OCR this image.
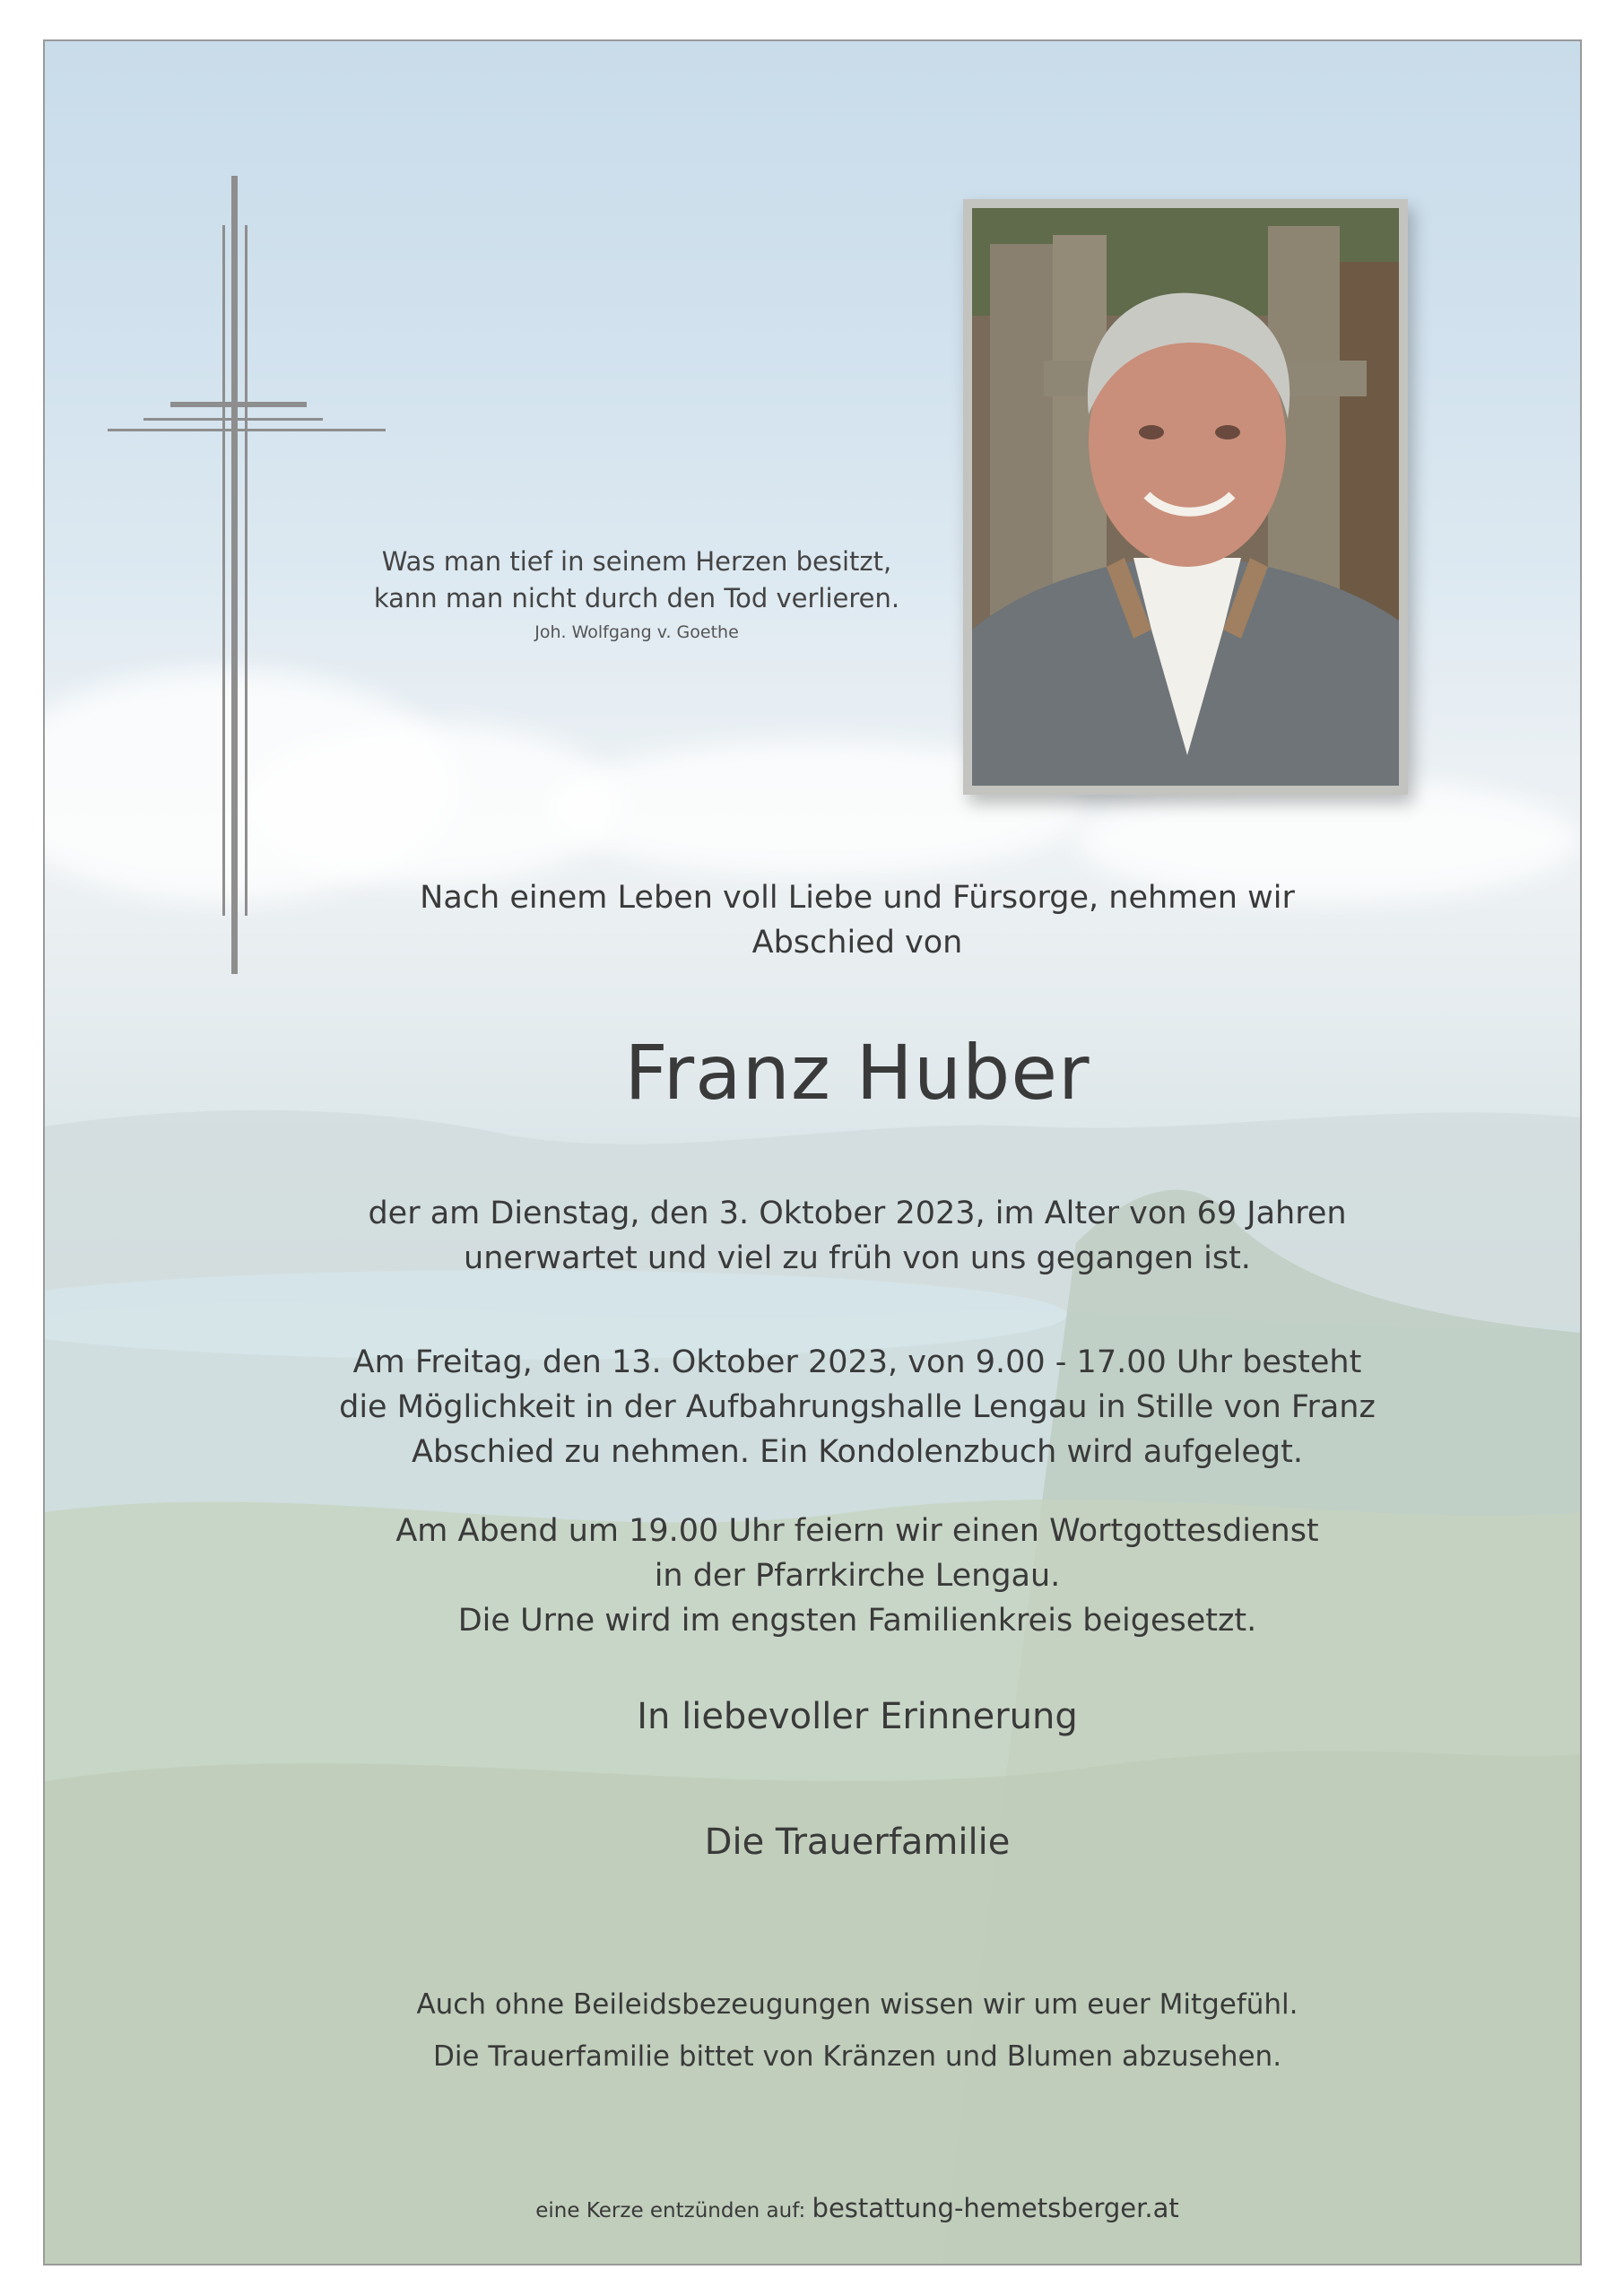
Was man tief in seinem Herzen besitzt,
kann man nicht durch den Tod verlieren.
Joh. Wolfgang v. Goethe
Nach einem Leben voll Liebe und Fürsorge, nehmen wir
Abschied von
Franz Huber
der am Dienstag, den 3. Oktober 2023, im Alter von 69 Jahren
unerwartet und viel zu früh von uns gegangen ist.
Am Freitag, den 13. Oktober 2023, von 9.00 - 17.00 Uhr besteht
die Möglichkeit in der Aufbahrungshalle Lengau in Stille von Franz
Abschied zu nehmen. Ein Kondolenzbuch wird aufgelegt.
Am Abend um 19.00 Uhr feiern wir einen Wortgottesdienst
in der Pfarrkirche Lengau.
Die Urne wird im engsten Familienkreis beigesetzt.
In liebevoller Erinnerung
Die Trauerfamilie
Auch ohne Beileidsbezeugungen wissen wir um euer Mitgefühl.
Die Trauerfamilie bittet von Kränzen und Blumen abzusehen.
eine Kerze entzünden auf: bestattung-hemetsberger.at
